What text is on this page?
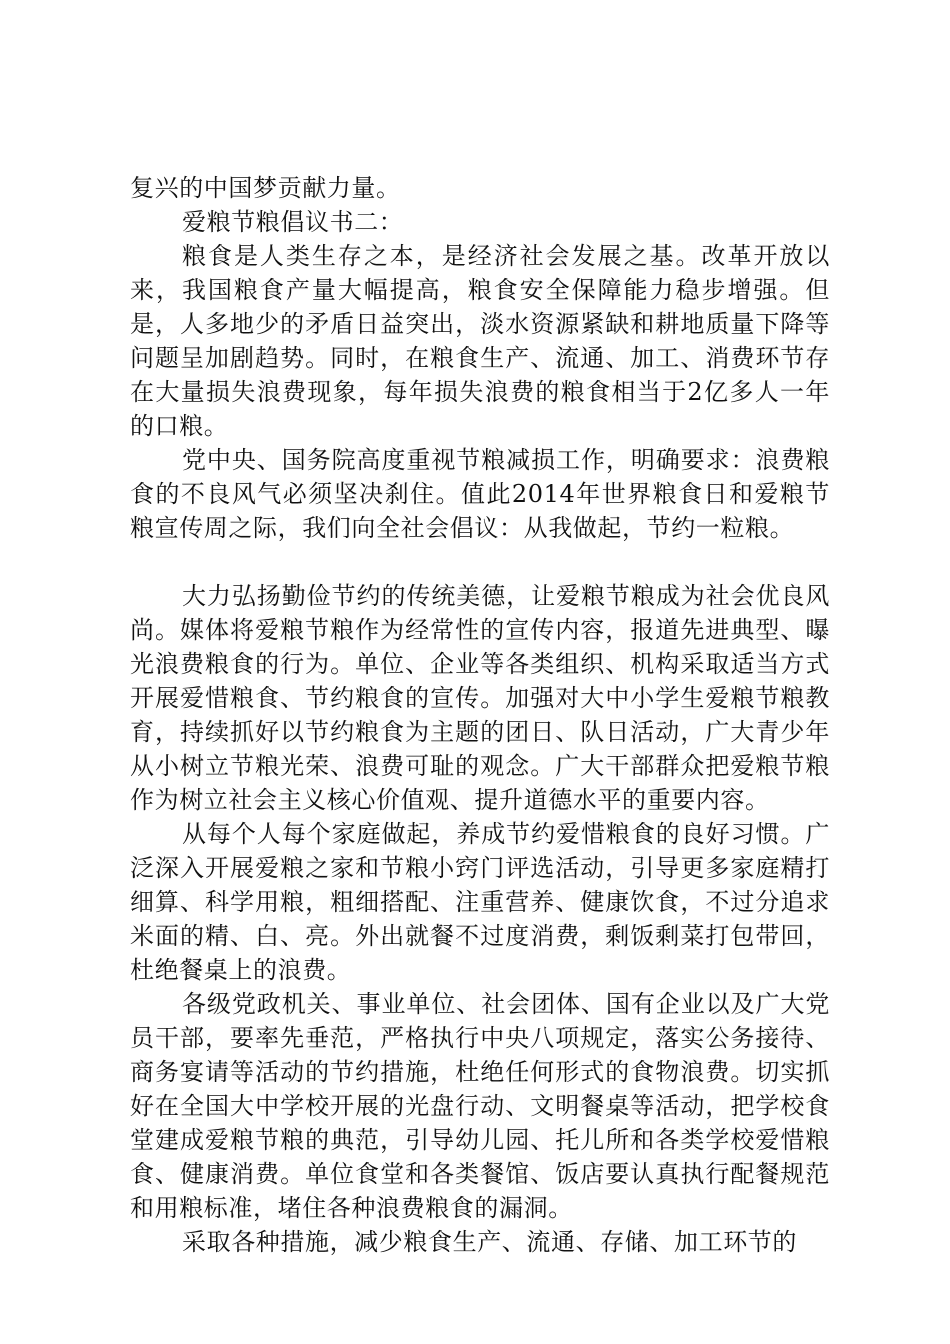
复兴的中国梦贡献力量。

爱粮节粮倡议书二：

粮食是人类生存之本，是经济社会发展之基。改革开放以来，我国粮食产量大幅提高，粮食安全保障能力稳步增强。但是，人多地少的矛盾日益突出，淡水资源紧缺和耕地质量下降等问题呈加剧趋势。同时，在粮食生产、流通、加工、消费环节存在大量损失浪费现象，每年损失浪费的粮食相当于2亿多人一年的口粮。

党中央、国务院高度重视节粮减损工作，明确要求：浪费粮食的不良风气必须坚决刹住。值此2014年世界粮食日和爱粮节粮宣传周之际，我们向全社会倡议：从我做起，节约一粒粮。

大力弘扬勤俭节约的传统美德，让爱粮节粮成为社会优良风尚。媒体将爱粮节粮作为经常性的宣传内容，报道先进典型、曝光浪费粮食的行为。单位、企业等各类组织、机构采取适当方式开展爱惜粮食、节约粮食的宣传。加强对大中小学生爱粮节粮教育，持续抓好以节约粮食为主题的团日、队日活动，广大青少年从小树立节粮光荣、浪费可耻的观念。广大干部群众把爱粮节粮作为树立社会主义核心价值观、提升道德水平的重要内容。

从每个人每个家庭做起，养成节约爱惜粮食的良好习惯。广泛深入开展爱粮之家和节粮小窍门评选活动，引导更多家庭精打细算、科学用粮，粗细搭配、注重营养、健康饮食，不过分追求米面的精、白、亮。外出就餐不过度消费，剩饭剩菜打包带回，杜绝餐桌上的浪费。

各级党政机关、事业单位、社会团体、国有企业以及广大党员干部，要率先垂范，严格执行中央八项规定，落实公务接待、商务宴请等活动的节约措施，杜绝任何形式的食物浪费。切实抓好在全国大中学校开展的光盘行动、文明餐桌等活动，把学校食堂建成爱粮节粮的典范，引导幼儿园、托儿所和各类学校爱惜粮食、健康消费。单位食堂和各类餐馆、饭店要认真执行配餐规范和用粮标准，堵住各种浪费粮食的漏洞。

采取各种措施，减少粮食生产、流通、存储、加工环节的
